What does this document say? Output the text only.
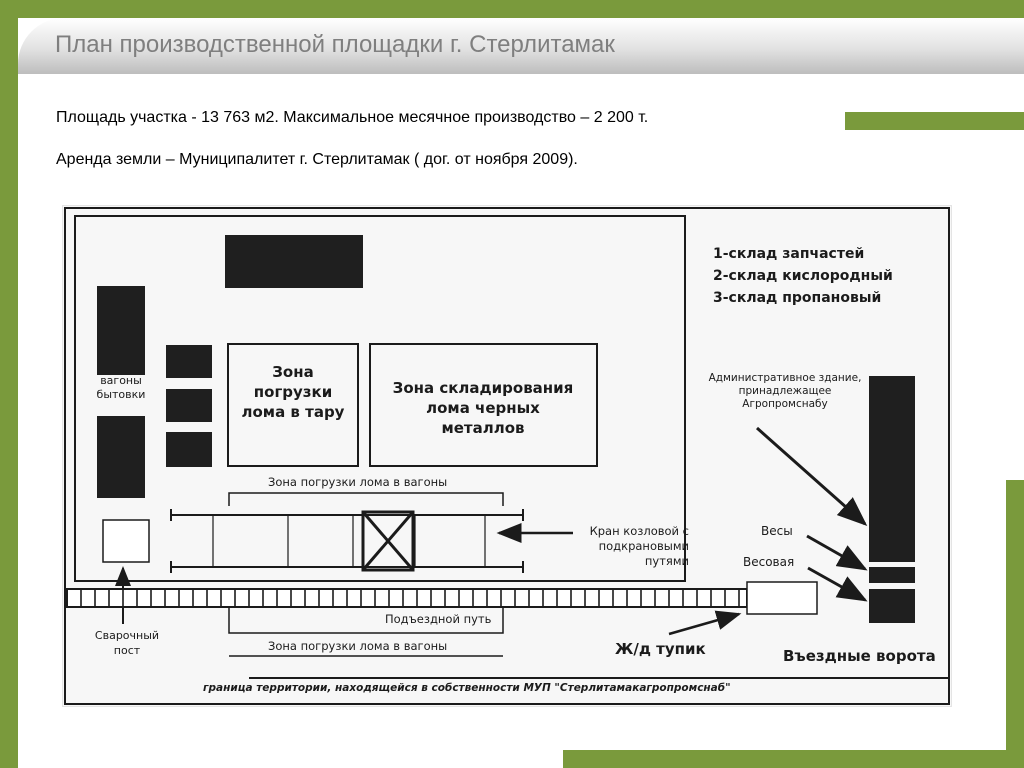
План производственной площадки г. Стерлитамак
Площадь участка - 13 763 м2. Максимальное месячное производство – 2 200 т.
Аренда земли – Муниципалитет г. Стерлитамак ( дог. от ноября 2009).
1-склад запчастей
2-склад кислородный
3-склад пропановый
вагоны бытовки
Зона погрузки лома в тару
Зона складирования лома черных металлов
Зона погрузки лома в вагоны
Кран козловой с подкрановыми путями
Административное здание, принадлежащее Агропромснабу
Весы
Весовая
Подъездной путь
Зона погрузки лома в вагоны	Ж/д тупик	Въездные ворота
Сварочный пост
граница территории, находящейся в собственности МУП "Стерлитамакагропромснаб"
